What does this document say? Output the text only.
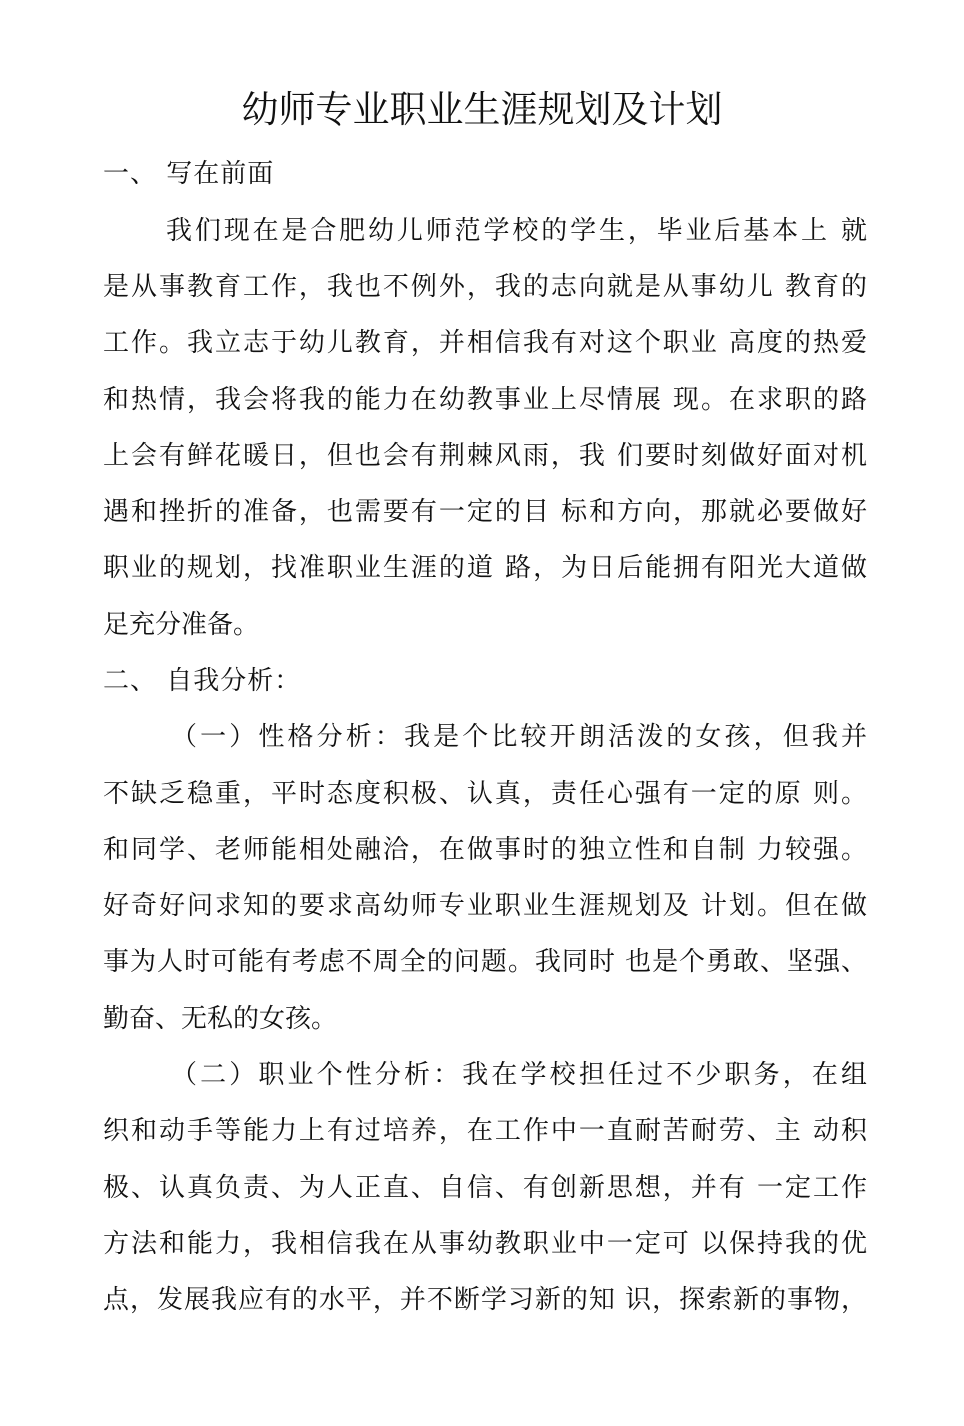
幼师专业职业生涯规划及计划
一、 写在前面
我们现在是合肥幼儿师范学校的学生，毕业后基本上 就
是从事教育工作，我也不例外，我的志向就是从事幼儿 教育的
工作。我立志于幼儿教育，并相信我有对这个职业 高度的热爱
和热情，我会将我的能力在幼教事业上尽情展 现。在求职的路
上会有鲜花暖日，但也会有荆棘风雨，我 们要时刻做好面对机
遇和挫折的准备，也需要有一定的目 标和方向，那就必要做好
职业的规划，找准职业生涯的道 路，为日后能拥有阳光大道做
足充分准备。
二、 自我分析：
（一）性格分析：我是个比较开朗活泼的女孩，但我并
不缺乏稳重，平时态度积极、认真，责任心强有一定的原 则。
和同学、老师能相处融洽，在做事时的独立性和自制 力较强。
好奇好问求知的要求高幼师专业职业生涯规划及 计划。但在做
事为人时可能有考虑不周全的问题。我同时 也是个勇敢、坚强、
勤奋、无私的女孩。
（二）职业个性分析：我在学校担任过不少职务，在组
织和动手等能力上有过培养，在工作中一直耐苦耐劳、主 动积
极、认真负责、为人正直、自信、有创新思想，并有 一定工作
方法和能力，我相信我在从事幼教职业中一定可 以保持我的优
点，发展我应有的水平，并不断学习新的知 识，探索新的事物，
